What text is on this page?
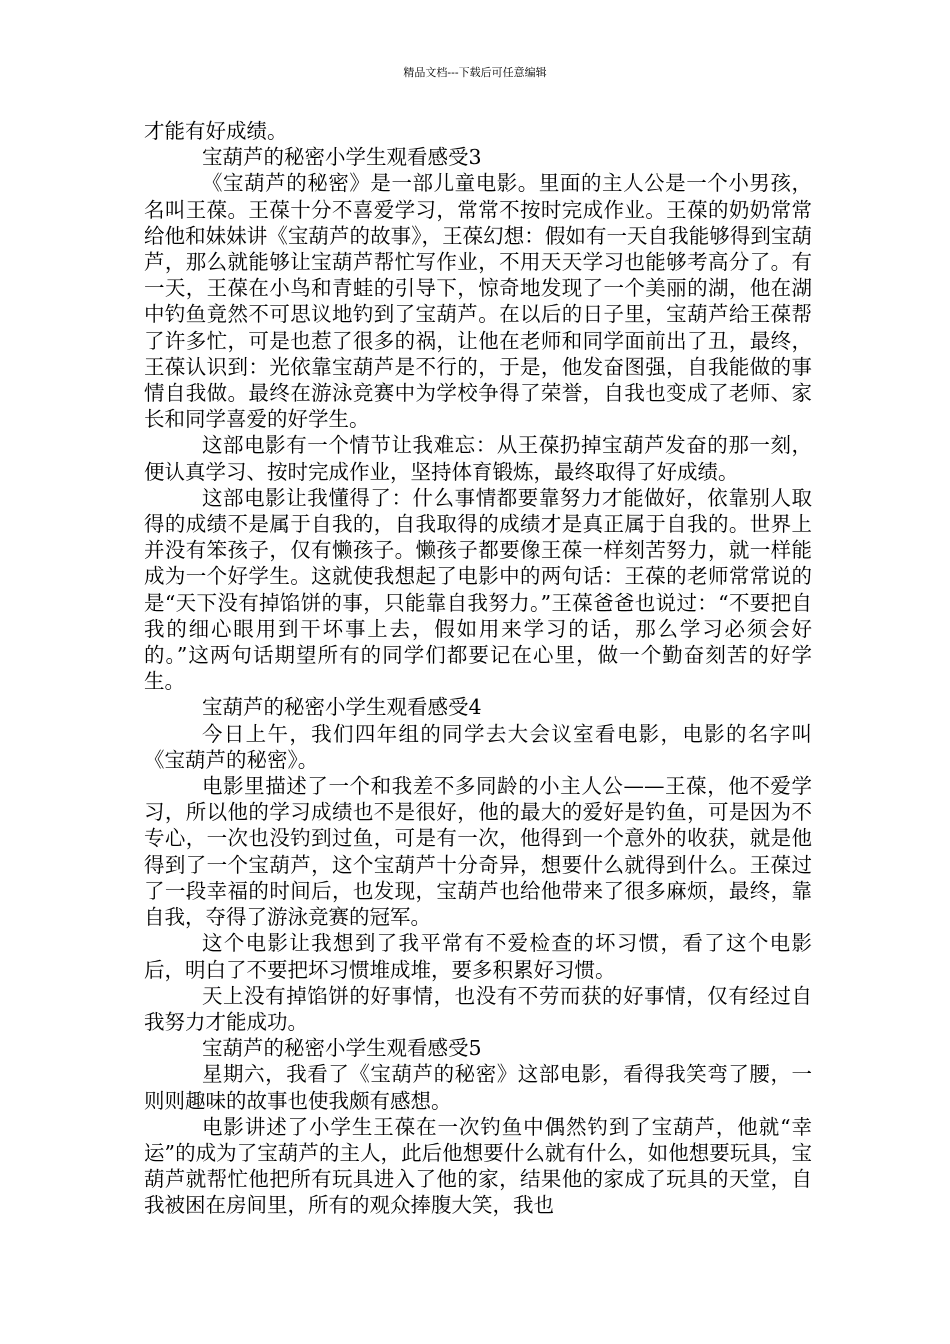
精品文档---下载后可任意编辑

才能有好成绩。

宝葫芦的秘密小学生观看感受3

《宝葫芦的秘密》是一部儿童电影。里面的主人公是一个小男孩，名叫王葆。王葆十分不喜爱学习，常常不按时完成作业。王葆的奶奶常常给他和妹妹讲《宝葫芦的故事》，王葆幻想：假如有一天自我能够得到宝葫芦，那么就能够让宝葫芦帮忙写作业，不用天天学习也能够考高分了。有一天，王葆在小鸟和青蛙的引导下，惊奇地发现了一个美丽的湖，他在湖中钓鱼竟然不可思议地钓到了宝葫芦。在以后的日子里，宝葫芦给王葆帮了许多忙，可是也惹了很多的祸，让他在老师和同学面前出了丑，最终，王葆认识到：光依靠宝葫芦是不行的，于是，他发奋图强，自我能做的事情自我做。最终在游泳竞赛中为学校争得了荣誉，自我也变成了老师、家长和同学喜爱的好学生。

这部电影有一个情节让我难忘：从王葆扔掉宝葫芦发奋的那一刻，便认真学习、按时完成作业，坚持体育锻炼，最终取得了好成绩。

这部电影让我懂得了：什么事情都要靠努力才能做好，依靠别人取得的成绩不是属于自我的，自我取得的成绩才是真正属于自我的。世界上并没有笨孩子，仅有懒孩子。懒孩子都要像王葆一样刻苦努力，就一样能成为一个好学生。这就使我想起了电影中的两句话：王葆的老师常常说的是“天下没有掉馅饼的事，只能靠自我努力。”王葆爸爸也说过：“不要把自我的细心眼用到干坏事上去，假如用来学习的话，那么学习必须会好的。”这两句话期望所有的同学们都要记在心里，做一个勤奋刻苦的好学生。

宝葫芦的秘密小学生观看感受4

今日上午，我们四年组的同学去大会议室看电影，电影的名字叫《宝葫芦的秘密》。

电影里描述了一个和我差不多同龄的小主人公——王葆，他不爱学习，所以他的学习成绩也不是很好，他的最大的爱好是钓鱼，可是因为不专心，一次也没钓到过鱼，可是有一次，他得到一个意外的收获，就是他得到了一个宝葫芦，这个宝葫芦十分奇异，想要什么就得到什么。王葆过了一段幸福的时间后，也发现，宝葫芦也给他带来了很多麻烦，最终，靠自我，夺得了游泳竞赛的冠军。

这个电影让我想到了我平常有不爱检查的坏习惯，看了这个电影后，明白了不要把坏习惯堆成堆，要多积累好习惯。

天上没有掉馅饼的好事情，也没有不劳而获的好事情，仅有经过自我努力才能成功。

宝葫芦的秘密小学生观看感受5

星期六，我看了《宝葫芦的秘密》这部电影，看得我笑弯了腰，一则则趣味的故事也使我颇有感想。

电影讲述了小学生王葆在一次钓鱼中偶然钓到了宝葫芦，他就“幸运”的成为了宝葫芦的主人，此后他想要什么就有什么，如他想要玩具，宝葫芦就帮忙他把所有玩具进入了他的家，结果他的家成了玩具的天堂，自我被困在房间里，所有的观众捧腹大笑，我也
